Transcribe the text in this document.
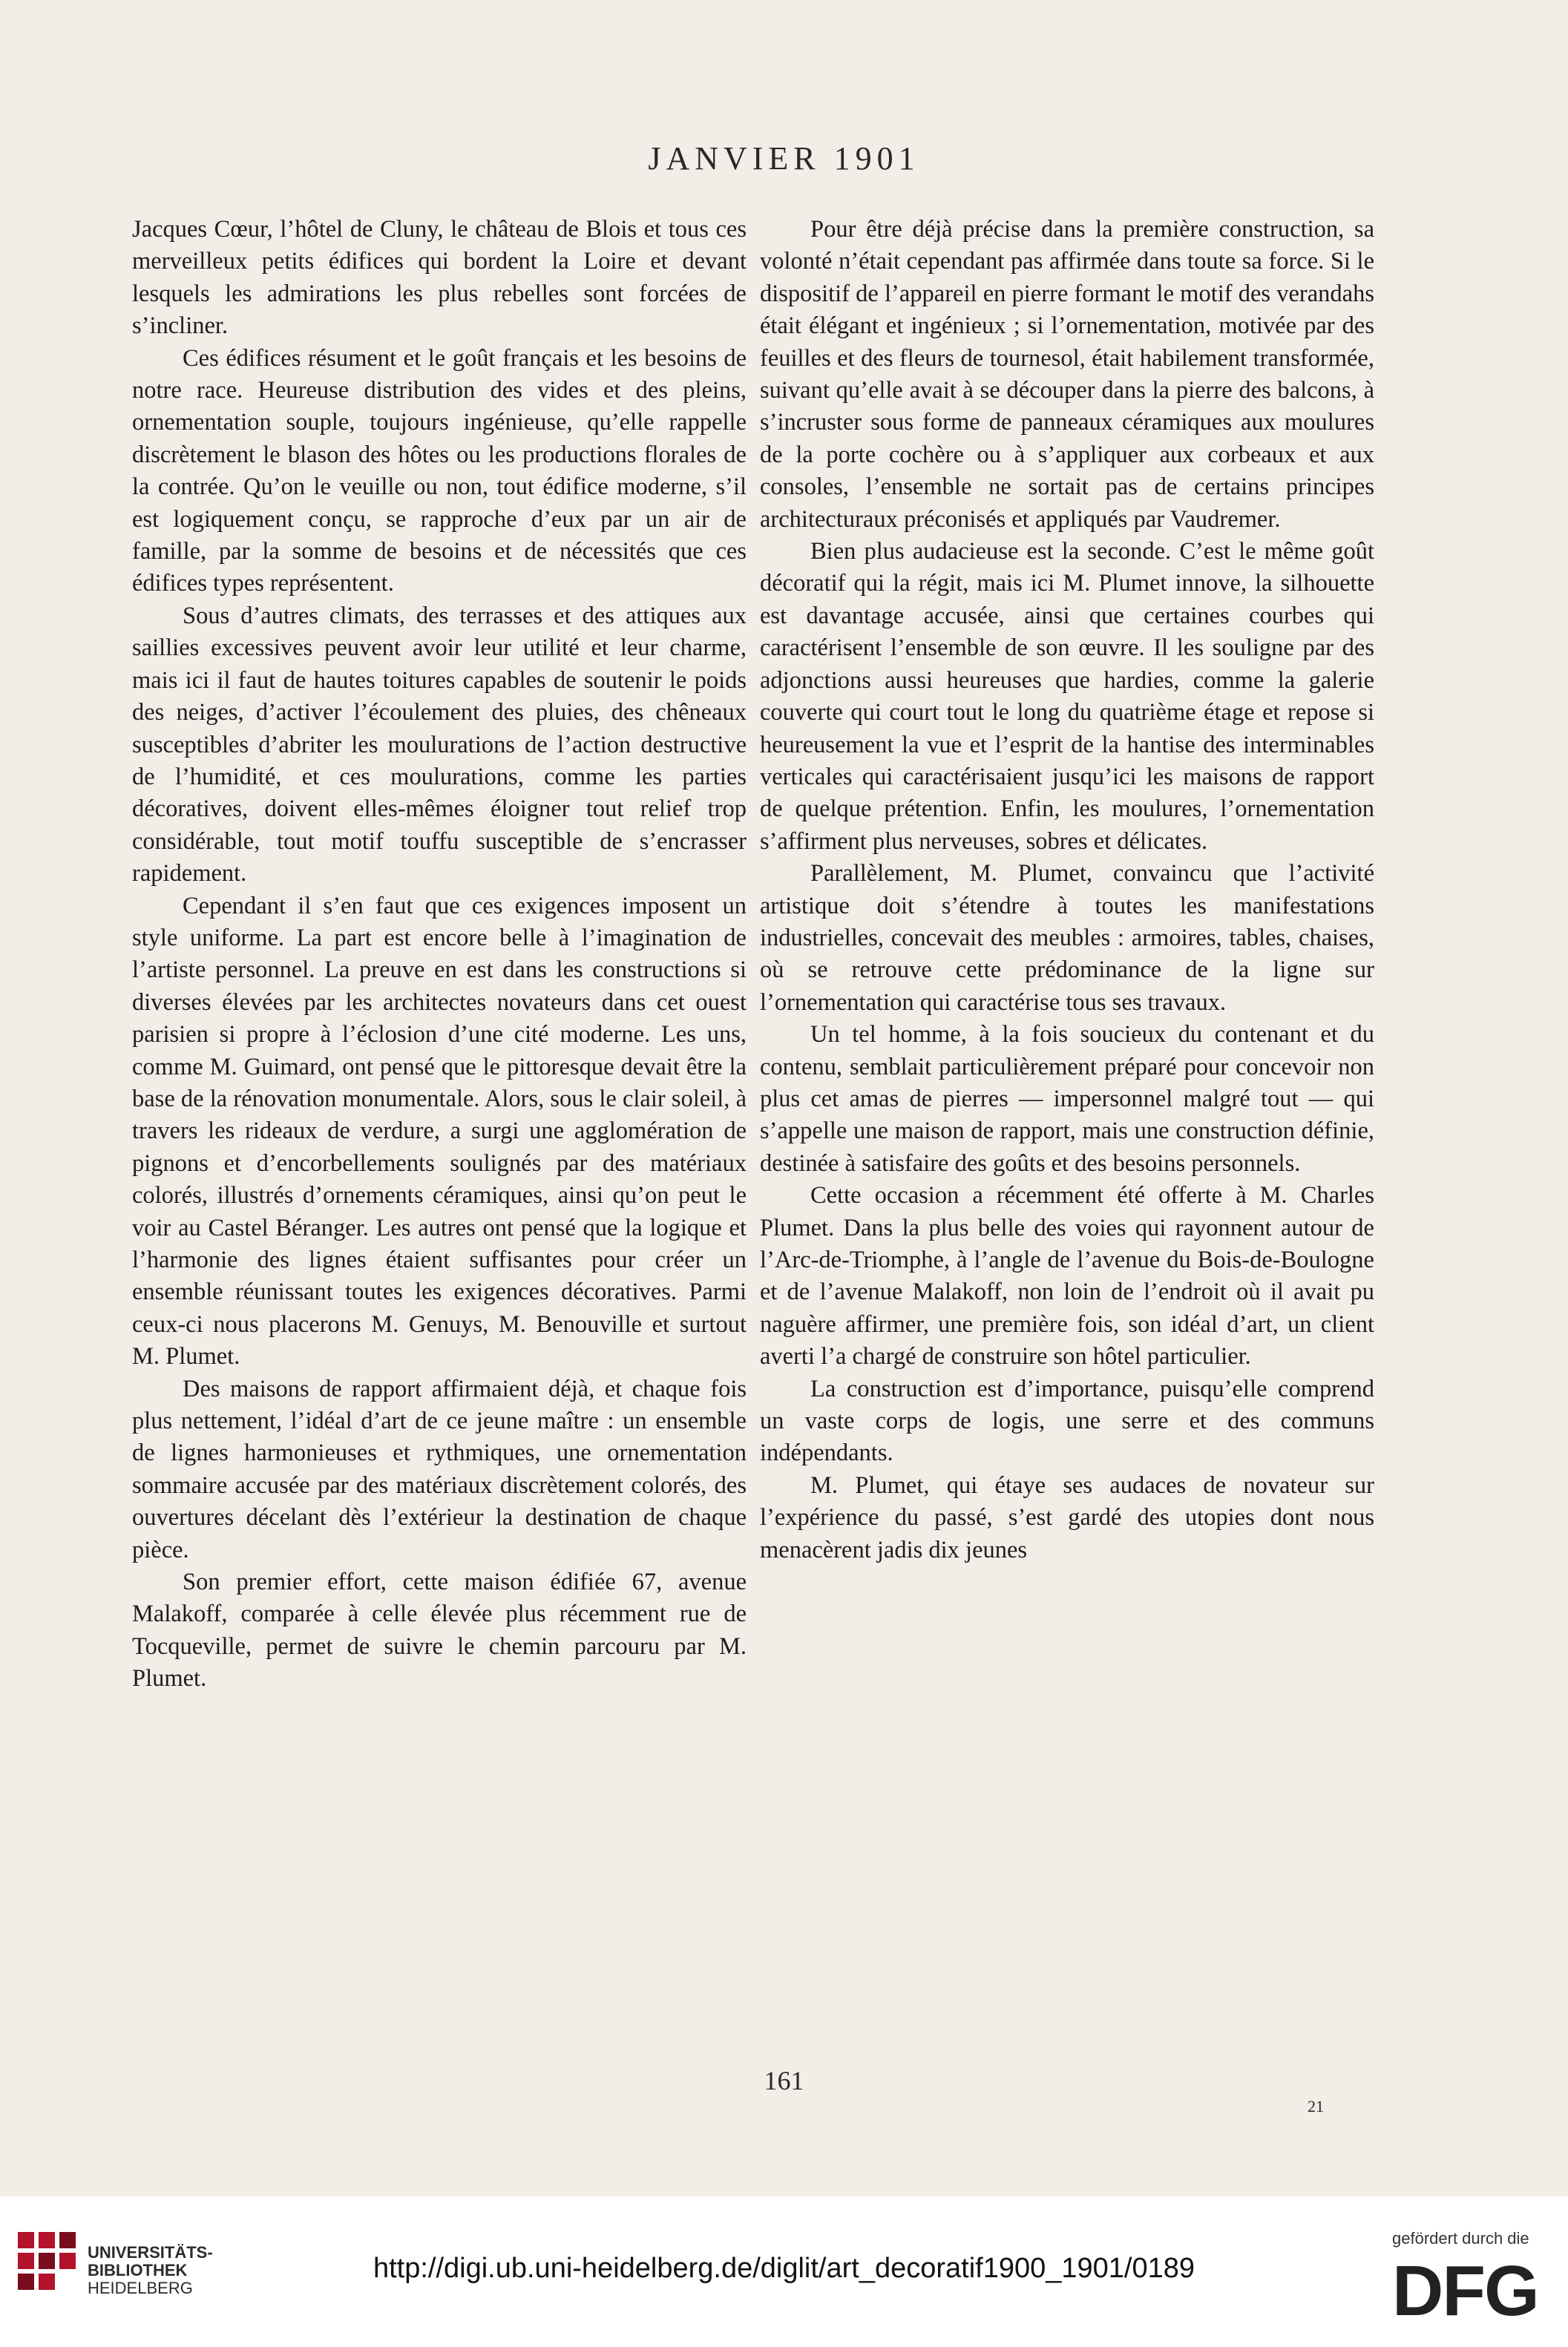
JANVIER 1901

Jacques Cœur, l’hôtel de Cluny, le château de Blois et tous ces merveilleux petits édifices qui bordent la Loire et devant lesquels les admirations les plus rebelles sont forcées de s’incliner.

Ces édifices résument et le goût français et les besoins de notre race. Heureuse distribution des vides et des pleins, ornementation souple, toujours ingénieuse, qu’elle rappelle discrètement le blason des hôtes ou les productions florales de la contrée. Qu’on le veuille ou non, tout édifice moderne, s’il est logiquement conçu, se rapproche d’eux par un air de famille, par la somme de besoins et de nécessités que ces édifices types représentent.

Sous d’autres climats, des terrasses et des attiques aux saillies excessives peuvent avoir leur utilité et leur charme, mais ici il faut de hautes toitures capables de soutenir le poids des neiges, d’activer l’écoulement des pluies, des chêneaux susceptibles d’abriter les moulurations de l’action destructive de l’humidité, et ces moulurations, comme les parties décoratives, doivent elles-mêmes éloigner tout relief trop considérable, tout motif touffu susceptible de s’encrasser rapidement.

Cependant il s’en faut que ces exigences imposent un style uniforme. La part est encore belle à l’imagination de l’artiste personnel. La preuve en est dans les constructions si diverses élevées par les architectes novateurs dans cet ouest parisien si propre à l’éclosion d’une cité moderne. Les uns, comme M. Guimard, ont pensé que le pittoresque devait être la base de la rénovation monumentale. Alors, sous le clair soleil, à travers les rideaux de verdure, a surgi une agglomération de pignons et d’encorbellements soulignés par des matériaux colorés, illustrés d’ornements céramiques, ainsi qu’on peut le voir au Castel Béranger. Les autres ont pensé que la logique et l’harmonie des lignes étaient suffisantes pour créer un ensemble réunissant toutes les exigences décoratives. Parmi ceux-ci nous placerons M. Genuys, M. Benouville et surtout M. Plumet.

Des maisons de rapport affirmaient déjà, et chaque fois plus nettement, l’idéal d’art de ce jeune maître : un ensemble de lignes harmonieuses et rythmiques, une ornementation sommaire accusée par des matériaux discrètement colorés, des ouvertures décelant dès l’extérieur la destination de chaque pièce.

Son premier effort, cette maison édifiée 67, avenue Malakoff, comparée à celle élevée plus récemment rue de Tocqueville, permet de suivre le chemin parcouru par M. Plumet.

Pour être déjà précise dans la première construction, sa volonté n’était cependant pas affirmée dans toute sa force. Si le dispositif de l’appareil en pierre formant le motif des verandahs était élégant et ingénieux ; si l’ornementation, motivée par des feuilles et des fleurs de tournesol, était habilement transformée, suivant qu’elle avait à se découper dans la pierre des balcons, à s’incruster sous forme de panneaux céramiques aux moulures de la porte cochère ou à s’appliquer aux corbeaux et aux consoles, l’ensemble ne sortait pas de certains principes architecturaux préconisés et appliqués par Vaudremer.

Bien plus audacieuse est la seconde. C’est le même goût décoratif qui la régit, mais ici M. Plumet innove, la silhouette est davantage accusée, ainsi que certaines courbes qui caractérisent l’ensemble de son œuvre. Il les souligne par des adjonctions aussi heureuses que hardies, comme la galerie couverte qui court tout le long du quatrième étage et repose si heureusement la vue et l’esprit de la hantise des interminables verticales qui caractérisaient jusqu’ici les maisons de rapport de quelque prétention. Enfin, les moulures, l’ornementation s’affirment plus nerveuses, sobres et délicates.

Parallèlement, M. Plumet, convaincu que l’activité artistique doit s’étendre à toutes les manifestations industrielles, concevait des meubles : armoires, tables, chaises, où se retrouve cette prédominance de la ligne sur l’ornementation qui caractérise tous ses travaux.

Un tel homme, à la fois soucieux du contenant et du contenu, semblait particulièrement préparé pour concevoir non plus cet amas de pierres — impersonnel malgré tout — qui s’appelle une maison de rapport, mais une construction définie, destinée à satisfaire des goûts et des besoins personnels.

Cette occasion a récemment été offerte à M. Charles Plumet. Dans la plus belle des voies qui rayonnent autour de l’Arc-de-Triomphe, à l’angle de l’avenue du Bois-de-Boulogne et de l’avenue Malakoff, non loin de l’endroit où il avait pu naguère affirmer, une première fois, son idéal d’art, un client averti l’a chargé de construire son hôtel particulier.

La construction est d’importance, puisqu’elle comprend un vaste corps de logis, une serre et des communs indépendants.

M. Plumet, qui étaye ses audaces de novateur sur l’expérience du passé, s’est gardé des utopies dont nous menacèrent jadis dix jeunes

161
21
UNIVERSITÄTS-
BIBLIOTHEK
HEIDELBERG
http://digi.ub.uni-heidelberg.de/diglit/art_decoratif1900_1901/0189
gefördert durch die
DFG
